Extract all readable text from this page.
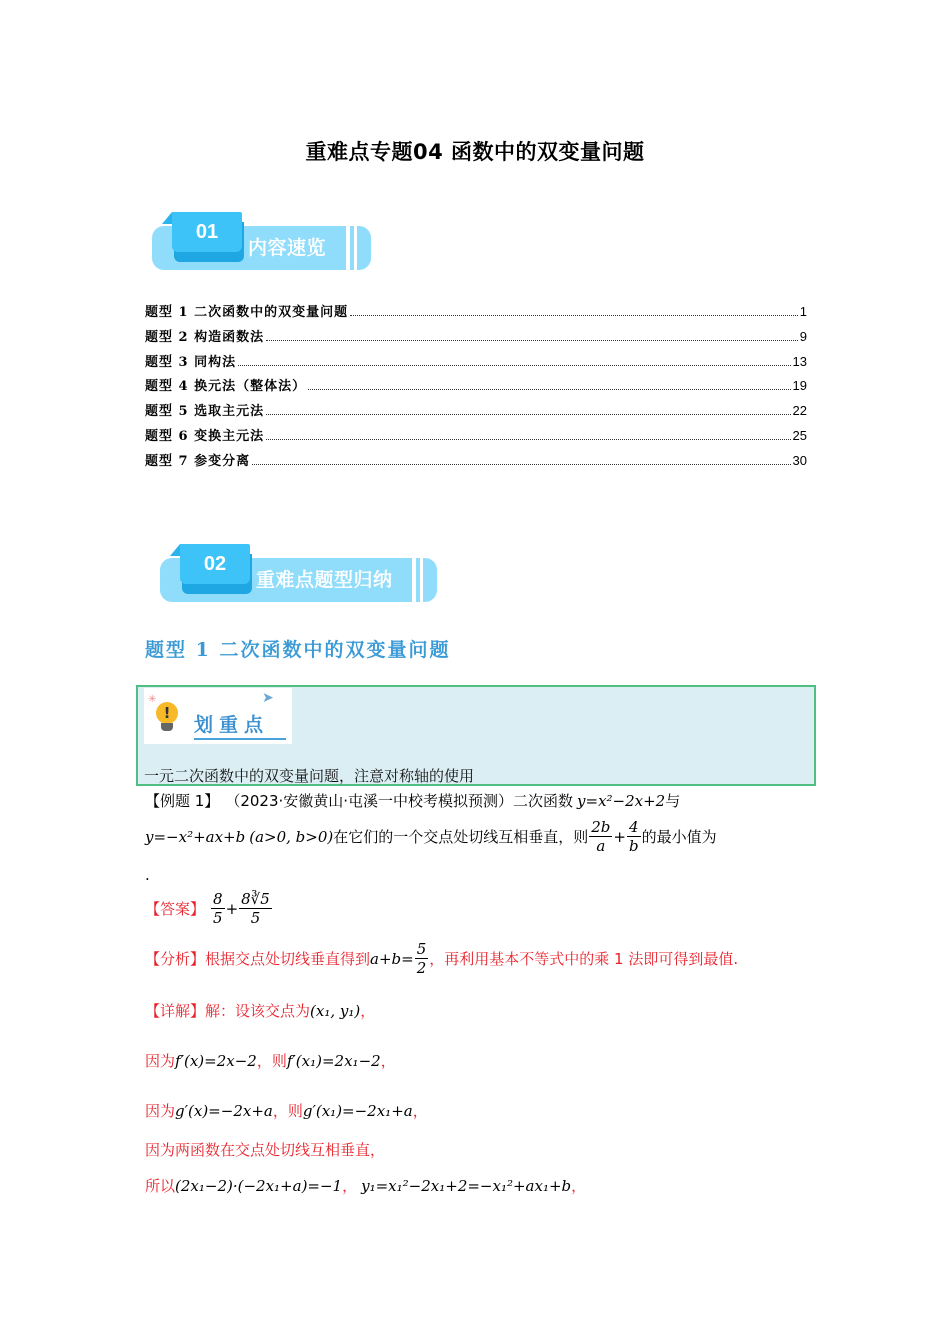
重难点专题04 函数中的双变量问题
01
内容速览
题型 1 二次函数中的双变量问题	1
题型 2 构造函数法	9
题型 3 同构法	13
题型 4 换元法（整体法）	19
题型 5 选取主元法	22
题型 6 变换主元法	25
题型 7 参变分离	30
02
重难点题型归纳
题型 1 二次函数中的双变量问题
✳
!
➤
划重点
一元二次函数中的双变量问题，注意对称轴的使用
【例题 1】 （2023·安徽黄山·屯溪一中校考模拟预测）二次函数 y=x²−2x+2 与
y=−x²+ax+b (a>0, b>0) 在它们的一个交点处切线互相垂直，则 $\frac{2b}{a} + \frac{4}{b}$ 的最小值为
.
【答案】 $\frac{8}{5} + \frac{8∛5}{5}$
【分析】 根据交点处切线垂直得到 $a+b= \frac{5}{2}$ ，再利用基本不等式中的乘 1 法即可得到最值.
【详解】 解：设该交点为 (x₁, y₁) ，
因为 f′(x)=2x−2 ，则 f′(x₁)=2x₁−2 ，
因为 g′(x)=−2x+a ，则 g′(x₁)=−2x₁+a ，
因为两函数在交点处切线互相垂直，
所以 (2x₁−2)·(−2x₁+a)=−1 ， y₁=x₁²−2x₁+2=−x₁²+ax₁+b ，
